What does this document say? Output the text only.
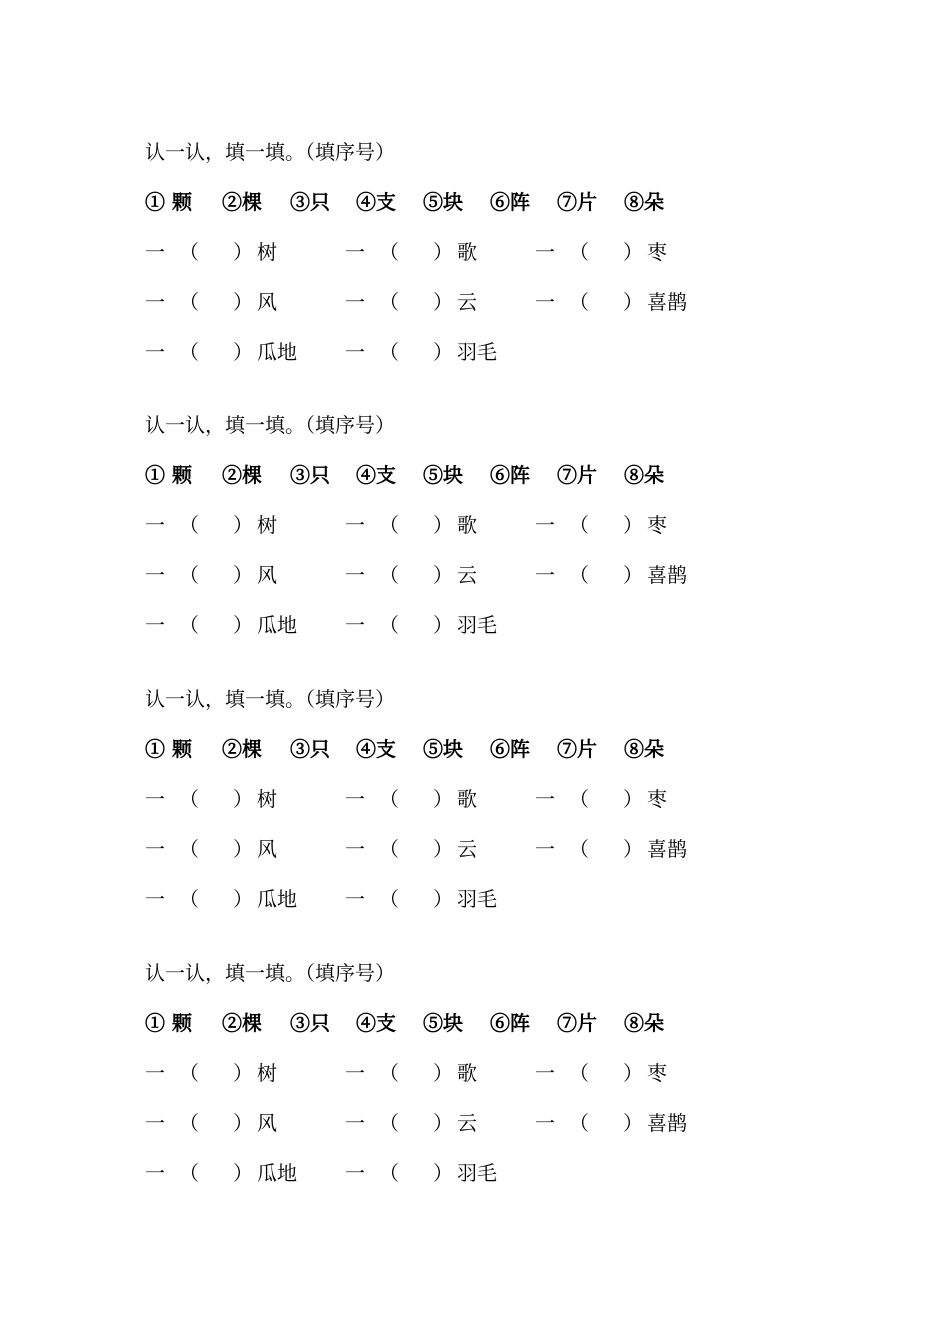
认一认，填一填。（填序号）
① 颗 ②棵 ③只 ④支 ⑤块 ⑥阵 ⑦片 ⑧朵
一 （ ） 树	一 （ ） 歌	一 （ ） 枣
一 （ ） 风	一 （ ） 云	一 （ ） 喜鹊
一 （ ） 瓜地 一 （ ） 羽毛
认一认，填一填。（填序号）
① 颗 ②棵 ③只 ④支 ⑤块 ⑥阵 ⑦片 ⑧朵
一 （ ） 树	一 （ ） 歌	一 （ ） 枣
一 （ ） 风	一 （ ） 云	一 （ ） 喜鹊
一 （ ） 瓜地 一 （ ） 羽毛
认一认，填一填。（填序号）
① 颗 ②棵 ③只 ④支 ⑤块 ⑥阵 ⑦片 ⑧朵
一 （ ） 树	一 （ ） 歌	一 （ ） 枣
一 （ ） 风	一 （ ） 云	一 （ ） 喜鹊
一 （ ） 瓜地 一 （ ） 羽毛
认一认，填一填。（填序号）
① 颗 ②棵 ③只 ④支 ⑤块 ⑥阵 ⑦片 ⑧朵
一 （ ） 树	一 （ ） 歌	一 （ ） 枣
一 （ ） 风	一 （ ） 云	一 （ ） 喜鹊
一 （ ） 瓜地 一 （ ） 羽毛
